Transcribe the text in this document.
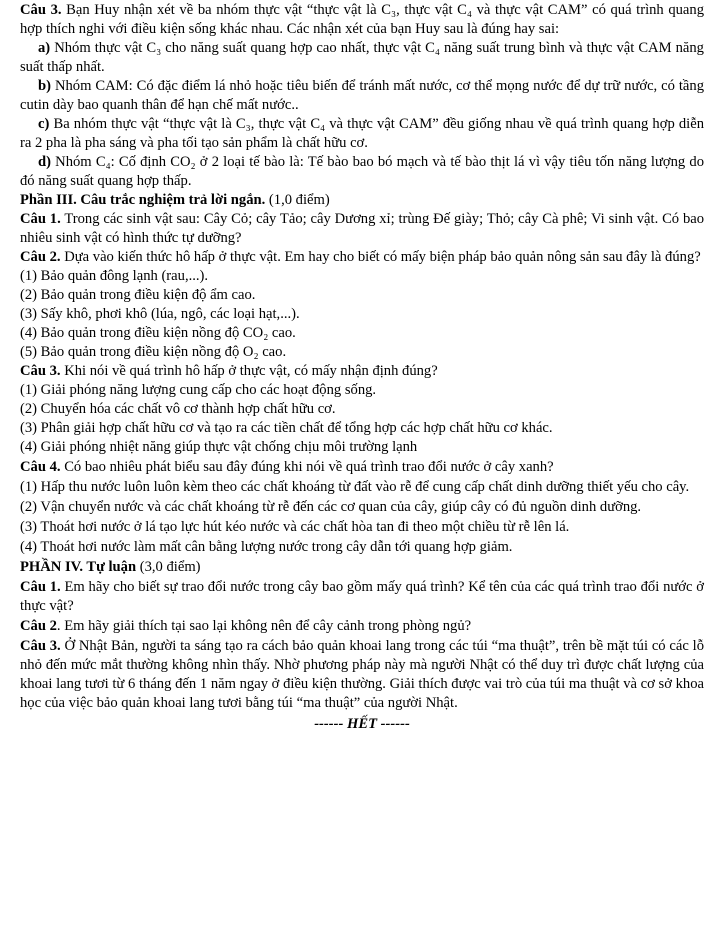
Câu 3. Bạn Huy nhận xét về ba nhóm thực vật “thực vật là C₃, thực vật C₄ và thực vật CAM” có quá trình quang hợp thích nghi với điều kiện sống khác nhau. Các nhận xét của bạn Huy sau là đúng hay sai:

a) Nhóm thực vật C₃ cho năng suất quang hợp cao nhất, thực vật C₄ năng suất trung bình và thực vật CAM năng suất thấp nhất.

b) Nhóm CAM: Có đặc điểm lá nhỏ hoặc tiêu biến để tránh mất nước, cơ thể mọng nước để dự trữ nước, có tầng cutin dày bao quanh thân để hạn chế mất nước..

c) Ba nhóm thực vật “thực vật là C₃, thực vật C₄ và thực vật CAM” đều giống nhau về quá trình quang hợp diễn ra 2 pha là pha sáng và pha tối tạo sản phẩm là chất hữu cơ.

d) Nhóm C₄: Cố định CO₂ ở 2 loại tế bào là: Tế bào bao bó mạch và tế bào thịt lá vì vậy tiêu tốn năng lượng do đó năng suất quang hợp thấp.

Phần III. Câu trắc nghiệm trả lời ngắn. (1,0 điểm)

Câu 1. Trong các sinh vật sau: Cây Cỏ; cây Tảo; cây Dương xỉ; trùng Đế giày; Thỏ; cây Cà phê; Vi sinh vật. Có bao nhiêu sinh vật có hình thức tự dưỡng?

Câu 2. Dựa vào kiến thức hô hấp ở thực vật. Em hay cho biết có mấy biện pháp bảo quản nông sản sau đây là đúng?

(1) Bảo quản đông lạnh (rau,...).

(2) Bảo quản trong điều kiện độ ẩm cao.

(3) Sấy khô, phơi khô (lúa, ngô, các loại hạt,...).

(4) Bảo quản trong điều kiện nồng độ CO₂ cao.

(5) Bảo quản trong điều kiện nồng độ O₂ cao.

Câu 3. Khi nói về quá trình hô hấp ở thực vật, có mấy nhận định đúng?

(1) Giải phóng năng lượng cung cấp cho các hoạt động sống.

(2) Chuyển hóa các chất vô cơ thành hợp chất hữu cơ.

(3) Phân giải hợp chất hữu cơ và tạo ra các tiền chất để tổng hợp các hợp chất hữu cơ khác.

(4) Giải phóng nhiệt năng giúp thực vật chống chịu môi trường lạnh

Câu 4. Có bao nhiêu phát biểu sau đây đúng khi nói về quá trình trao đổi nước ở cây xanh?

(1) Hấp thu nước luôn luôn kèm theo các chất khoáng từ đất vào rễ để cung cấp chất dinh dưỡng thiết yếu cho cây.

(2) Vận chuyển nước và các chất khoáng từ rễ đến các cơ quan của cây, giúp cây có đủ nguồn dinh dưỡng.

(3) Thoát hơi nước ở lá tạo lực hút kéo nước và các chất hòa tan đi theo một chiều từ rễ lên lá.

(4) Thoát hơi nước làm mất cân bằng lượng nước trong cây dẫn tới quang hợp giảm.

PHẦN IV. Tự luận (3,0 điểm)

Câu 1. Em hãy cho biết sự trao đổi nước trong cây bao gồm mấy quá trình? Kể tên của các quá trình trao đổi nước ở thực vật?

Câu 2. Em hãy giải thích tại sao lại không nên để cây cảnh trong phòng ngủ?

Câu 3. Ở Nhật Bản, người ta sáng tạo ra cách bảo quản khoai lang trong các túi “ma thuật”, trên bề mặt túi có các lỗ nhỏ đến mức mắt thường không nhìn thấy. Nhờ phương pháp này mà người Nhật có thể duy trì được chất lượng của khoai lang tươi từ 6 tháng đến 1 năm ngay ở điều kiện thường. Giải thích được vai trò của túi ma thuật và cơ sở khoa học của việc bảo quản khoai lang tươi bằng túi “ma thuật” của người Nhật.

------ HẾT ------
